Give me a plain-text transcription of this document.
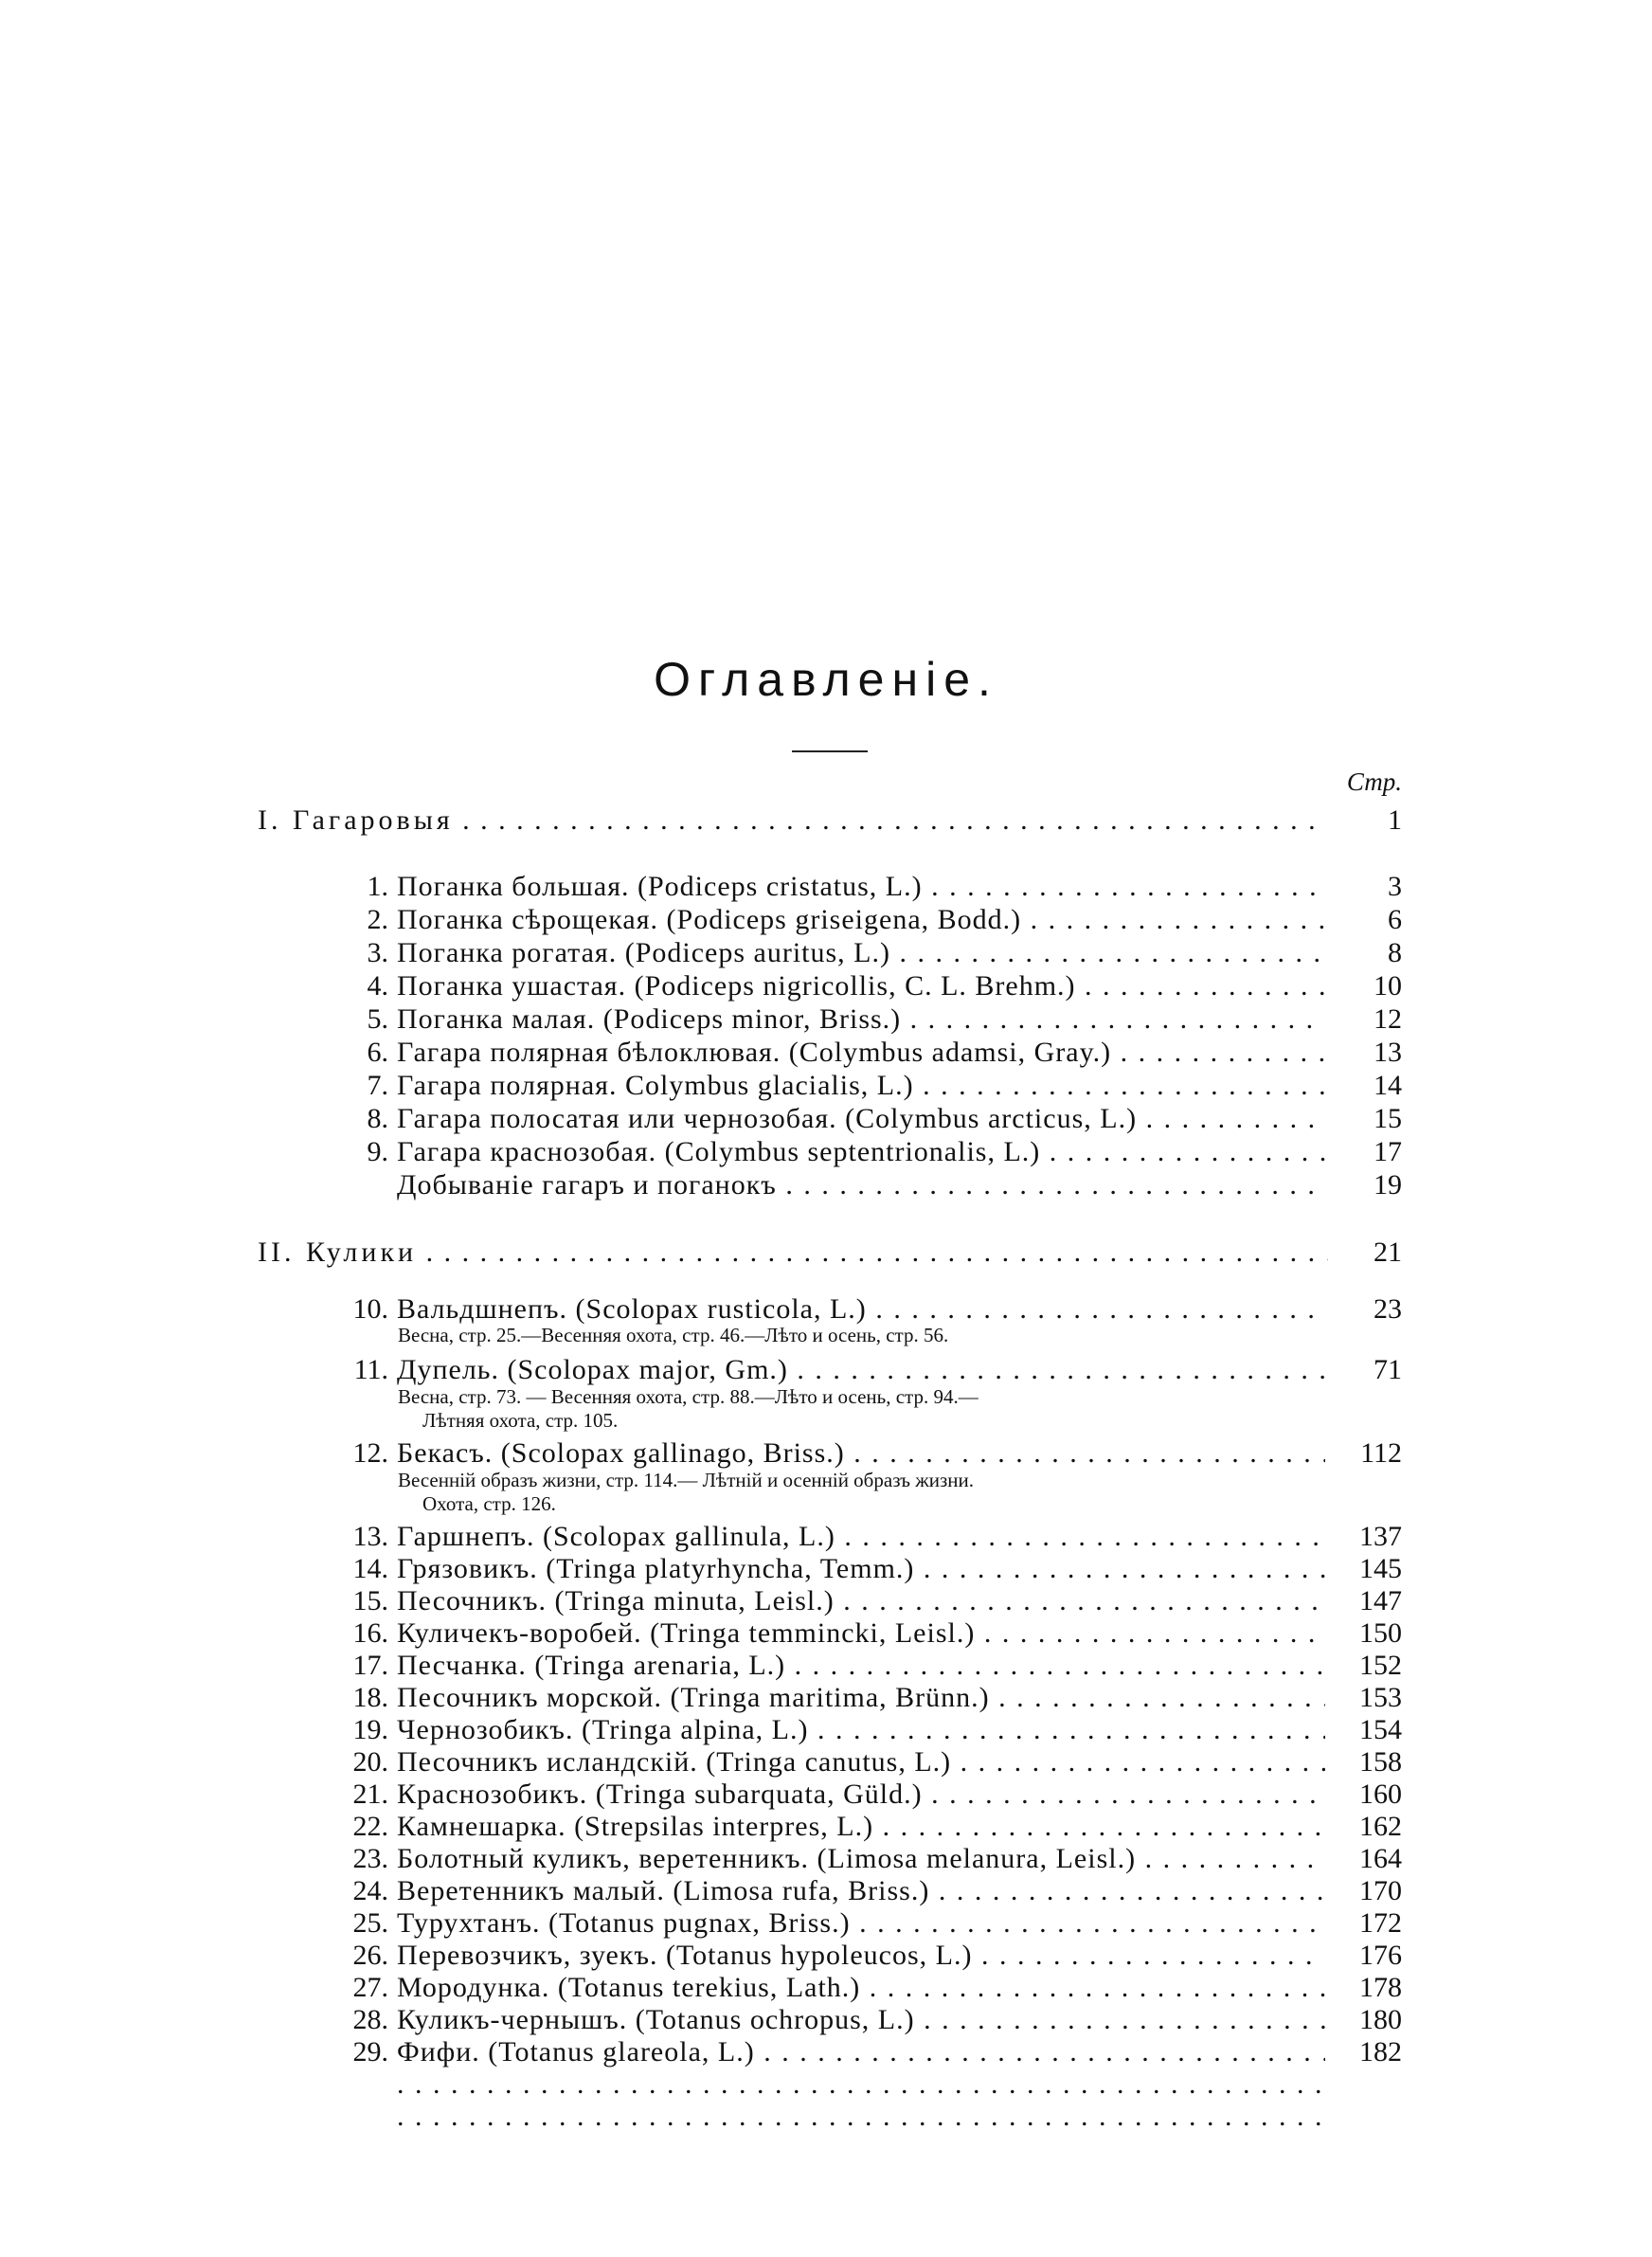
Оглавленіе.
Стр.
I. Гагаровыя . . .	1
1. Поганка большая. (Podiceps cristatus, L.) . . .	3
2. Поганка сѣрощекая. (Podiceps griseigena, Bodd.) . . .	6
3. Поганка рогатая. (Podiceps auritus, L.) . . .	8
4. Поганка ушастая. (Podiceps nigricollis, C. L. Brehm.) . . .	10
5. Поганка малая. (Podiceps minor, Briss.) . . .	12
6. Гагара полярная бѣлоклювая. (Colymbus adamsi, Gray.) . . .	13
7. Гагара полярная. Colymbus glacialis, L.) . . .	14
8. Гагара полосатая или чернозобая. (Colymbus arcticus, L.) . . .	15
9. Гагара краснозобая. (Colymbus septentrionalis, L.) . . .	17
Добываніе гагаръ и поганокъ . . .	19
II. Кулики . . .	21
10. Вальдшнепъ. (Scolopax rusticola, L.) . . .	23
Весна, стр. 25.—Весенняя охота, стр. 46.—Лѣто и осень, стр. 56.
11. Дупель. (Scolopax major, Gm.) . . .	71
Весна, стр. 73. — Весенняя охота, стр. 88.—Лѣто и осень, стр. 94.—
Лѣтняя охота, стр. 105.
12. Бекасъ. (Scolopax gallinago, Briss.) . . .	112
Весенній образъ жизни, стр. 114.— Лѣтній и осенній образъ жизни.
Охота, стр. 126.
13. Гаршнепъ. (Scolopax gallinula, L.) . . .	137
14. Грязовикъ. (Tringa platyrhyncha, Temm.) . . .	145
15. Песочникъ. (Tringa minuta, Leisl.) . . .	147
16. Куличекъ-воробей. (Tringa temmincki, Leisl.) . . .	150
17. Песчанка. (Tringa arenaria, L.) . . .	152
18. Песочникъ морской. (Tringa maritima, Brünn.) . . .	153
19. Чернозобикъ. (Tringa alpina, L.) . . .	154
20. Песочникъ исландскій. (Tringa canutus, L.) . . .	158
21. Краснозобикъ. (Tringa subarquata, Güld.) . . .	160
22. Камнешарка. (Strepsilas interpres, L.) . . .	162
23. Болотный куликъ, веретенникъ. (Limosa melanura, Leisl.) . . .	164
24. Веретенникъ малый. (Limosa rufa, Briss.) . . .	170
25. Турухтанъ. (Totanus pugnax, Briss.) . . .	172
26. Перевозчикъ, зуекъ. (Totanus hypoleucos, L.) . . .	176
27. Мородунка. (Totanus terekius, Lath.) . . .	178
28. Куликъ-чернышъ. (Totanus ochropus, L.) . . .	180
29. Фифи. (Totanus glareola, L.) . . .	182
. . .
. . .
